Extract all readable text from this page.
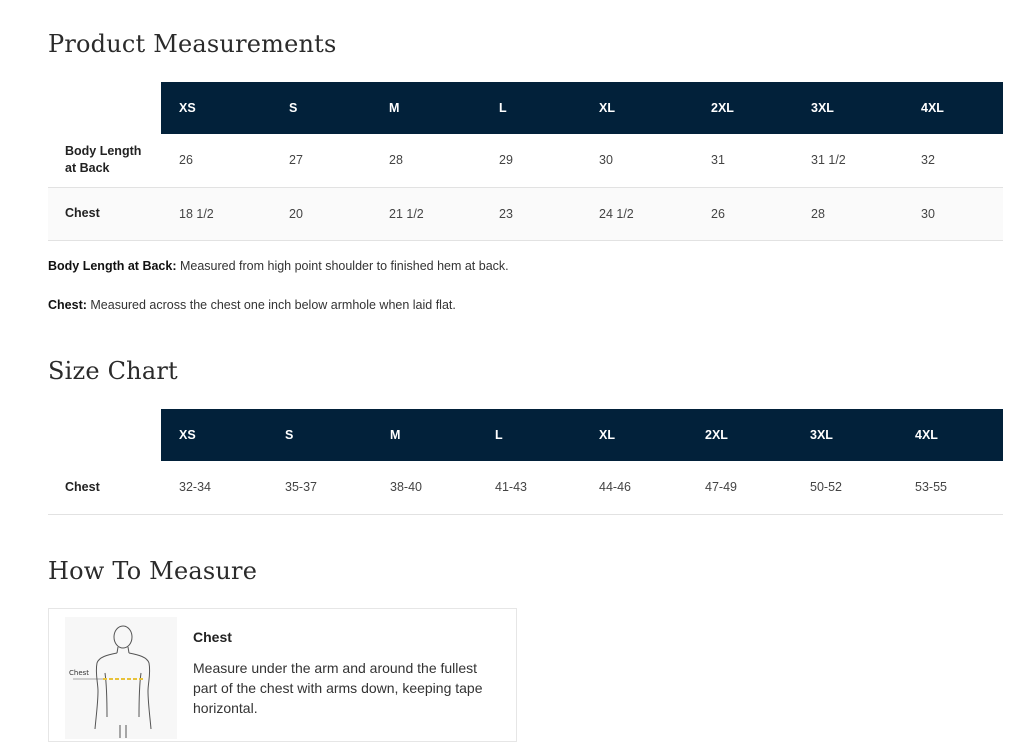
Product Measurements
	XS	S	M	L	XL	2XL	3XL	4XL

Body Length at Back	26	27	28	29	30	31	31 1/2	32
Chest	18 1/2	20	21 1/2	23	24 1/2	26	28	30

Body Length at Back: Measured from high point shoulder to finished hem at back.

Chest: Measured across the chest one inch below armhole when laid flat.

Size Chart
	XS	S	M	L	XL	2XL	3XL	4XL
Chest	32-34	35-37	38-40	41-43	44-46	47-49	50-52	53-55
How To Measure
Chest
Chest
Measure under the arm and around the fullest part of the chest with arms down, keeping tape horizontal.
